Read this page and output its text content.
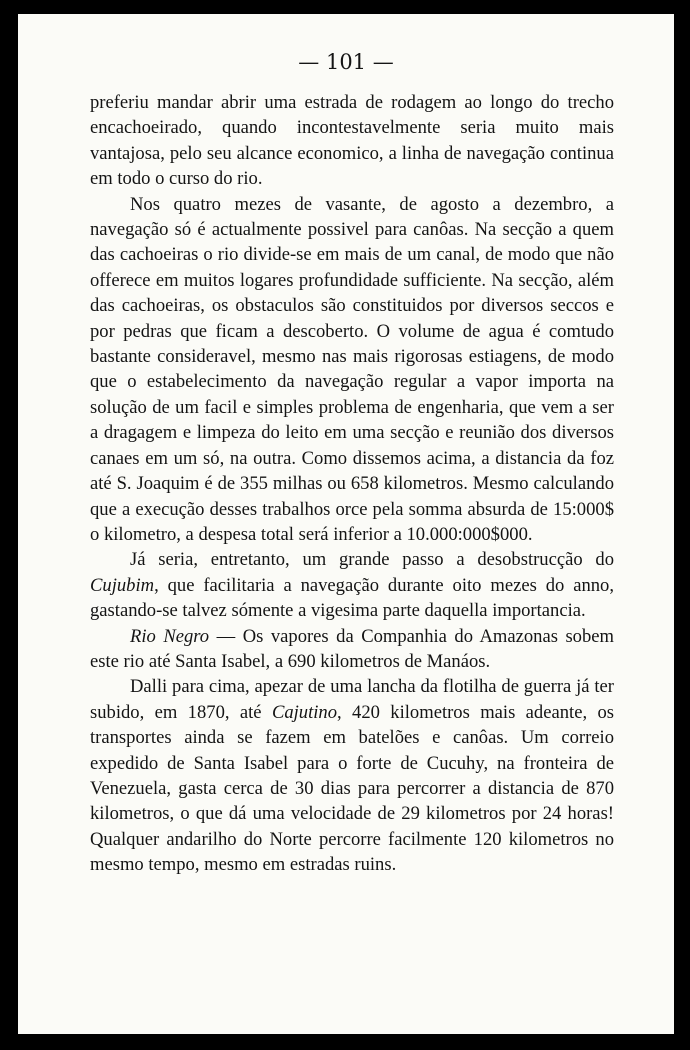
— 101 —

preferiu mandar abrir uma estrada de rodagem ao longo do trecho encachoeirado, quando incontestavelmente seria muito mais vantajosa, pelo seu alcance economico, a linha de navegação continua em todo o curso do rio.

Nos quatro mezes de vasante, de agosto a dezembro, a navegação só é actualmente possivel para canôas. Na secção a quem das cachoeiras o rio divide-se em mais de um canal, de modo que não offerece em muitos logares profundidade sufficiente. Na secção, além das cachoeiras, os obstaculos são constituidos por diversos seccos e por pedras que ficam a descoberto. O volume de agua é comtudo bastante consideravel, mesmo nas mais rigorosas estiagens, de modo que o estabelecimento da navegação regular a vapor importa na solução de um facil e simples problema de engenharia, que vem a ser a dragagem e limpeza do leito em uma secção e reunião dos diversos canaes em um só, na outra. Como dissemos acima, a distancia da foz até S. Joaquim é de 355 milhas ou 658 kilometros. Mesmo calculando que a execução desses trabalhos orce pela somma absurda de 15:000$ o kilometro, a despesa total será inferior a 10.000:000$000.

Já seria, entretanto, um grande passo a desobstrucção do Cujubim, que facilitaria a navegação durante oito mezes do anno, gastando-se talvez sómente a vigesima parte daquella importancia.

Rio Negro — Os vapores da Companhia do Amazonas sobem este rio até Santa Isabel, a 690 kilometros de Manáos.

Dalli para cima, apezar de uma lancha da flotilha de guerra já ter subido, em 1870, até Cajutino, 420 kilometros mais adeante, os transportes ainda se fazem em batelões e canôas. Um correio expedido de Santa Isabel para o forte de Cucuhy, na fronteira de Venezuela, gasta cerca de 30 dias para percorrer a distancia de 870 kilometros, o que dá uma velocidade de 29 kilometros por 24 horas! Qualquer andarilho do Norte percorre facilmente 120 kilometros no mesmo tempo, mesmo em estradas ruins.
